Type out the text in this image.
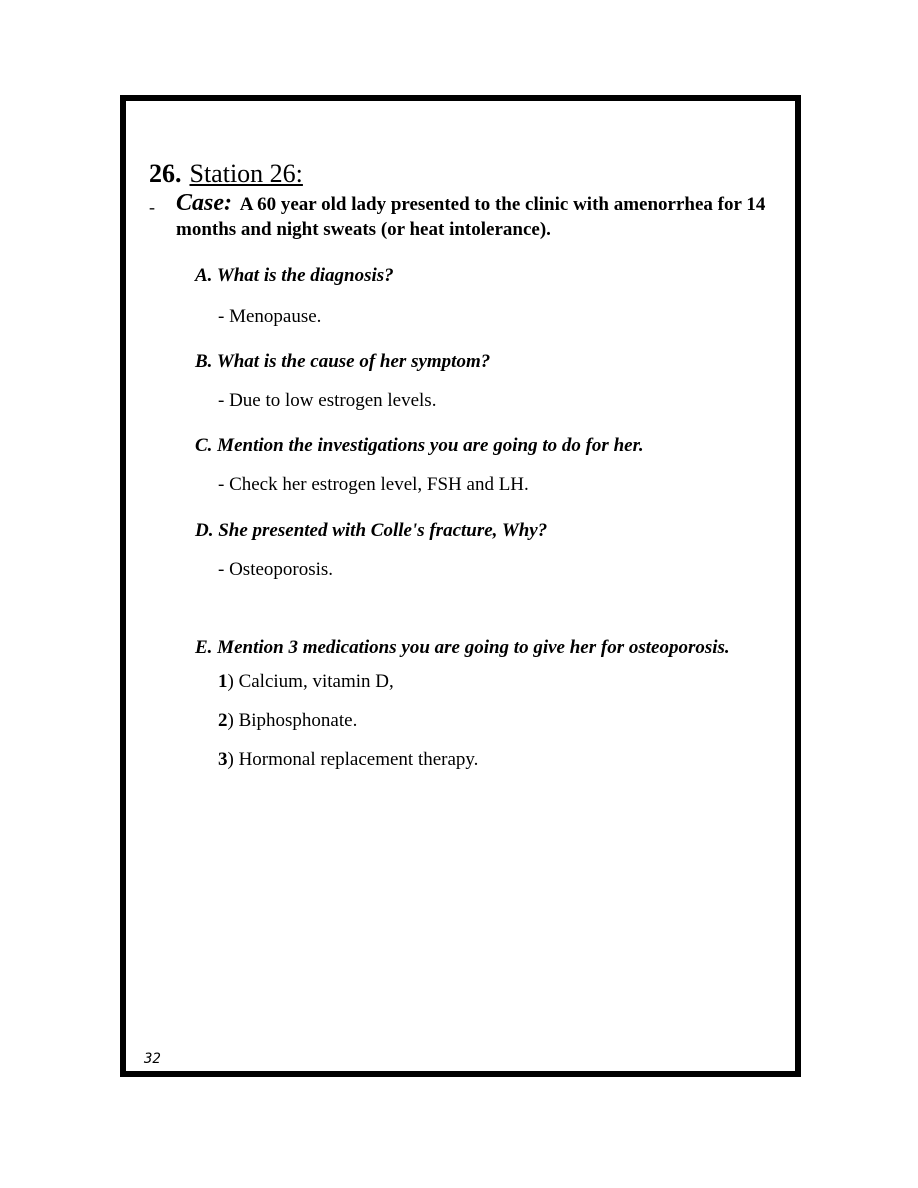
26. Station 26:
- Case: A 60 year old lady presented to the clinic with amenorrhea for 14 months and night sweats (or heat intolerance).
A. What is the diagnosis?
- Menopause.
B. What is the cause of her symptom?
- Due to low estrogen levels.
C. Mention the investigations you are going to do for her.
- Check her estrogen level, FSH and LH.
D. She presented with Colle's fracture, Why?
- Osteoporosis.
E. Mention 3 medications you are going to give her for osteoporosis.
1) Calcium, vitamin D,
2) Biphosphonate.
3) Hormonal replacement therapy.
32
